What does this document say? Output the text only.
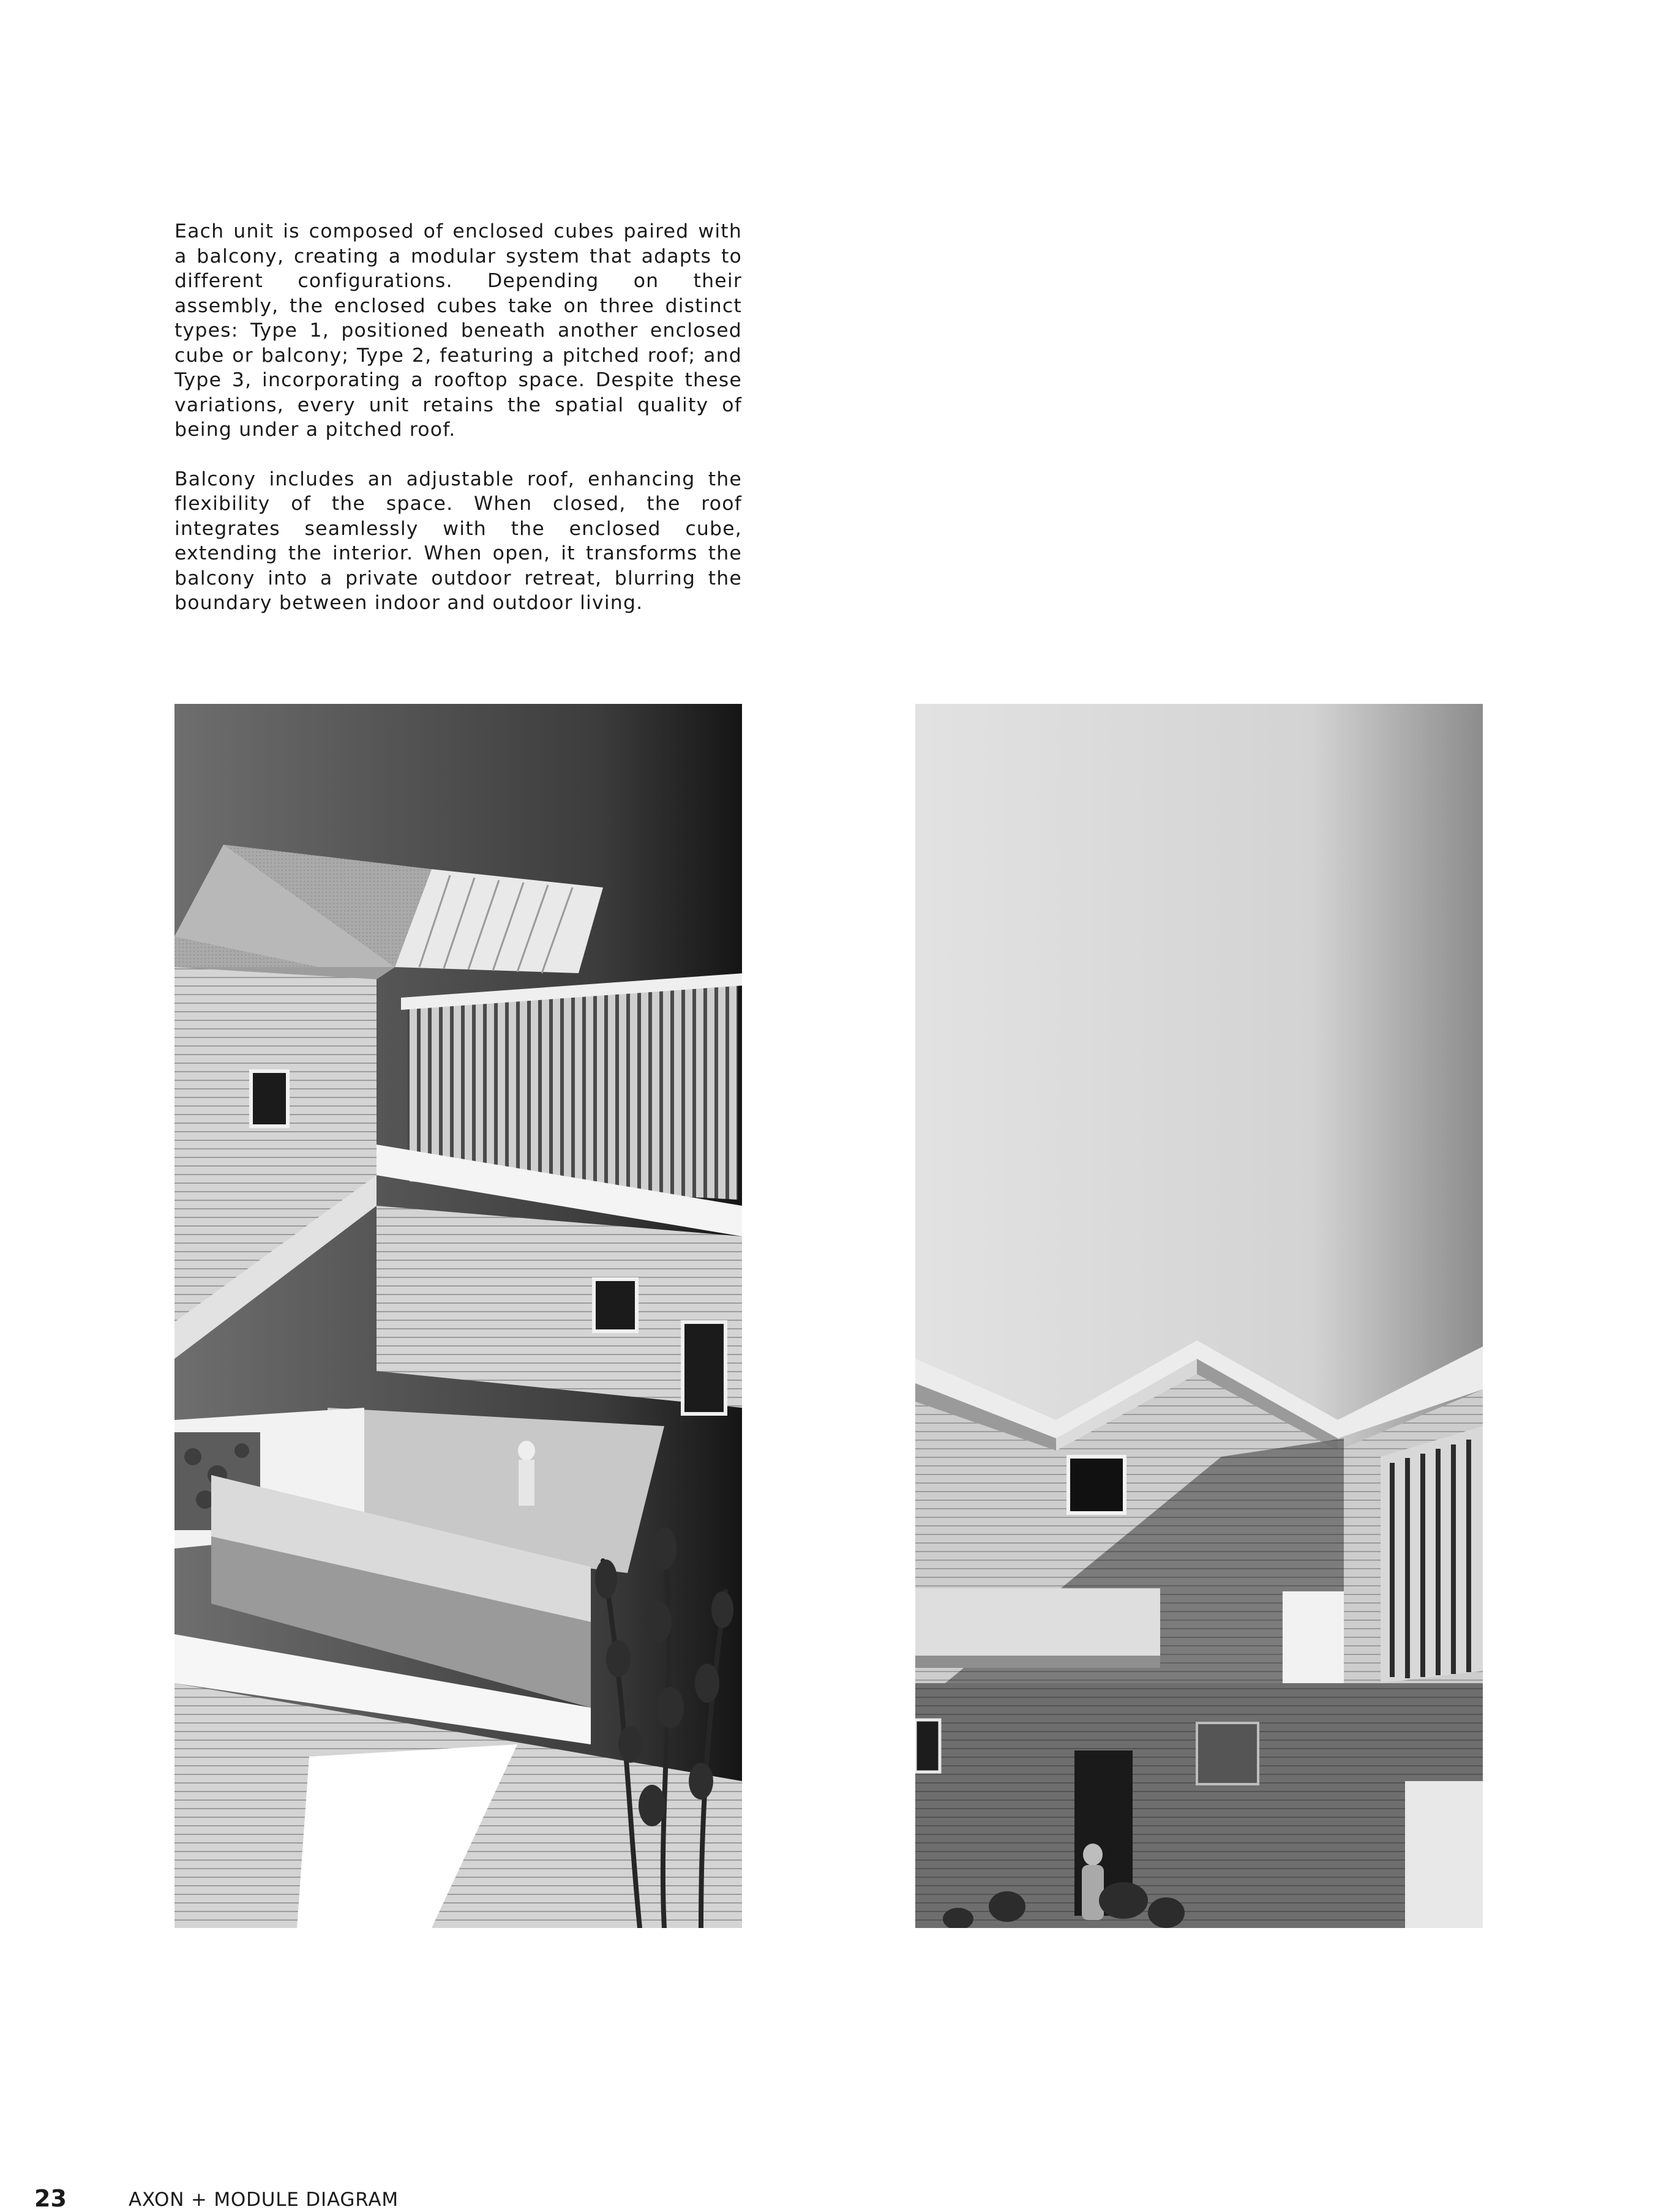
Each unit is composed of enclosed cubes paired with a balcony, creating a modular system that adapts to different configurations. Depending on their assembly, the enclosed cubes take on three distinct types: Type 1, positioned beneath another enclosed cube or balcony; Type 2, featuring a pitched roof; and Type 3, incorporating a rooftop space. Despite these variations, every unit retains the spatial quality of being under a pitched roof.

Balcony includes an adjustable roof, enhancing the flexibility of the space. When closed, the roof integrates seamlessly with the enclosed cube, extending the interior. When open, it transforms the balcony into a private outdoor retreat, blurring the boundary between indoor and outdoor living.

23	AXON + MODULE DIAGRAM
